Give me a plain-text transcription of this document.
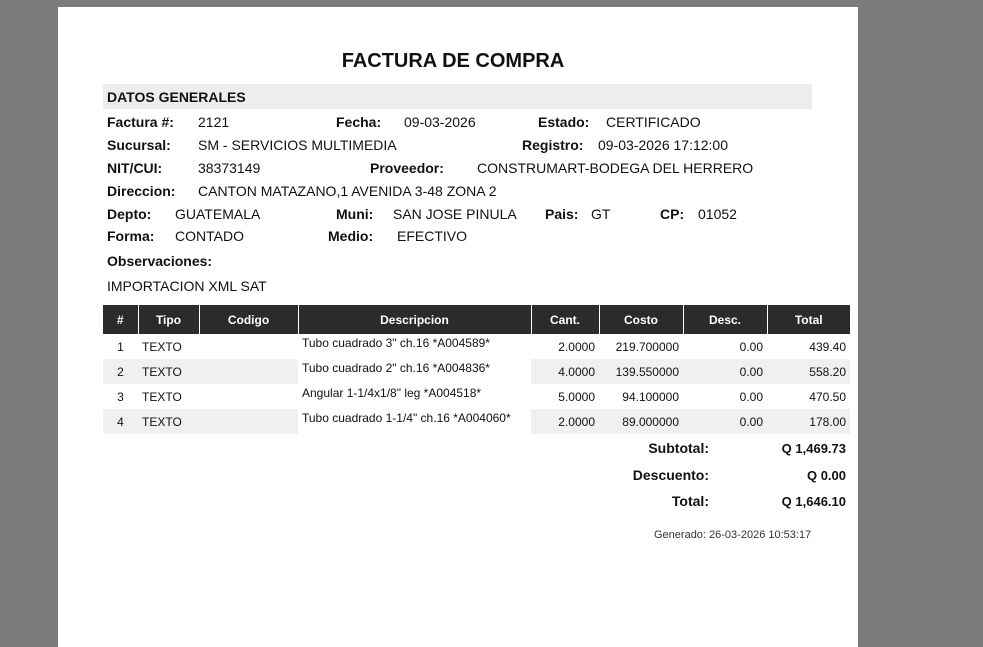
FACTURA DE COMPRA
DATOS GENERALES
Factura #: 2121	Fecha: 09-03-2026	Estado: CERTIFICADO
Sucursal: SM - SERVICIOS MULTIMEDIA	Registro: 09-03-2026 17:12:00
NIT/CUI:	38373149	Proveedor: CONSTRUMART-BODEGA DEL HERRERO
Direccion: CANTON MATAZANO,1 AVENIDA 3-48 ZONA 2
Depto: GUATEMALA	Muni: SAN JOSE PINULA Pais: GT	CP: 01052
Forma: CONTADO	Medio: EFECTIVO
Observaciones:
IMPORTACION XML SAT
#	Tipo	Codigo	Descripcion	Cant.	Costo	Desc.	Total
1	TEXTO		Tubo cuadrado 3" ch.16 *A004589*	2.0000	219.700000	0.00	439.40
2	TEXTO		Tubo cuadrado 2" ch.16 *A004836*	4.0000	139.550000	0.00	558.20
3	TEXTO		Angular 1-1/4x1/8" leg *A004518*	5.0000	94.100000	0.00	470.50
4	TEXTO		Tubo cuadrado 1-1/4" ch.16 *A004060*	2.0000	89.000000	0.00	178.00
Subtotal:	Q 1,469.73
Descuento:	Q 0.00
Total:	Q 1,646.10
Generado: 26-03-2026 10:53:17
